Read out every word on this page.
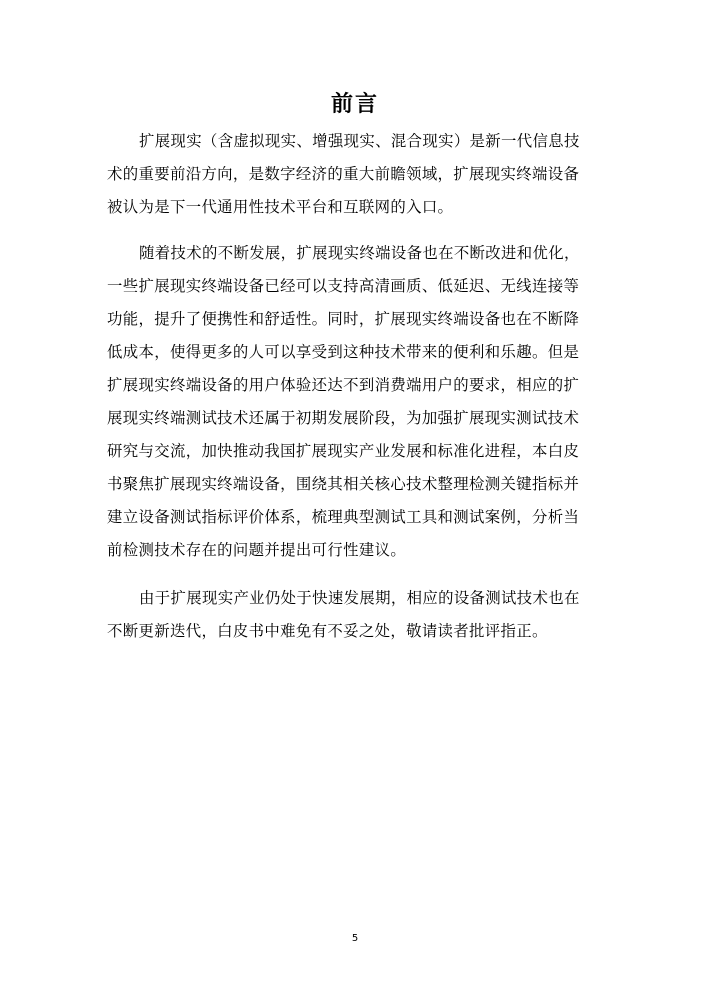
前言
扩展现实（含虚拟现实、增强现实、混合现实）是新一代信息技
术的重要前沿方向，是数字经济的重大前瞻领域，扩展现实终端设备
被认为是下一代通用性技术平台和互联网的入口。
随着技术的不断发展，扩展现实终端设备也在不断改进和优化，
一些扩展现实终端设备已经可以支持高清画质、低延迟、无线连接等
功能，提升了便携性和舒适性。同时，扩展现实终端设备也在不断降
低成本，使得更多的人可以享受到这种技术带来的便利和乐趣。但是
扩展现实终端设备的用户体验还达不到消费端用户的要求，相应的扩
展现实终端测试技术还属于初期发展阶段，为加强扩展现实测试技术
研究与交流，加快推动我国扩展现实产业发展和标准化进程，本白皮
书聚焦扩展现实终端设备，围绕其相关核心技术整理检测关键指标并
建立设备测试指标评价体系，梳理典型测试工具和测试案例，分析当
前检测技术存在的问题并提出可行性建议。
由于扩展现实产业仍处于快速发展期，相应的设备测试技术也在
不断更新迭代，白皮书中难免有不妥之处，敬请读者批评指正。
5
